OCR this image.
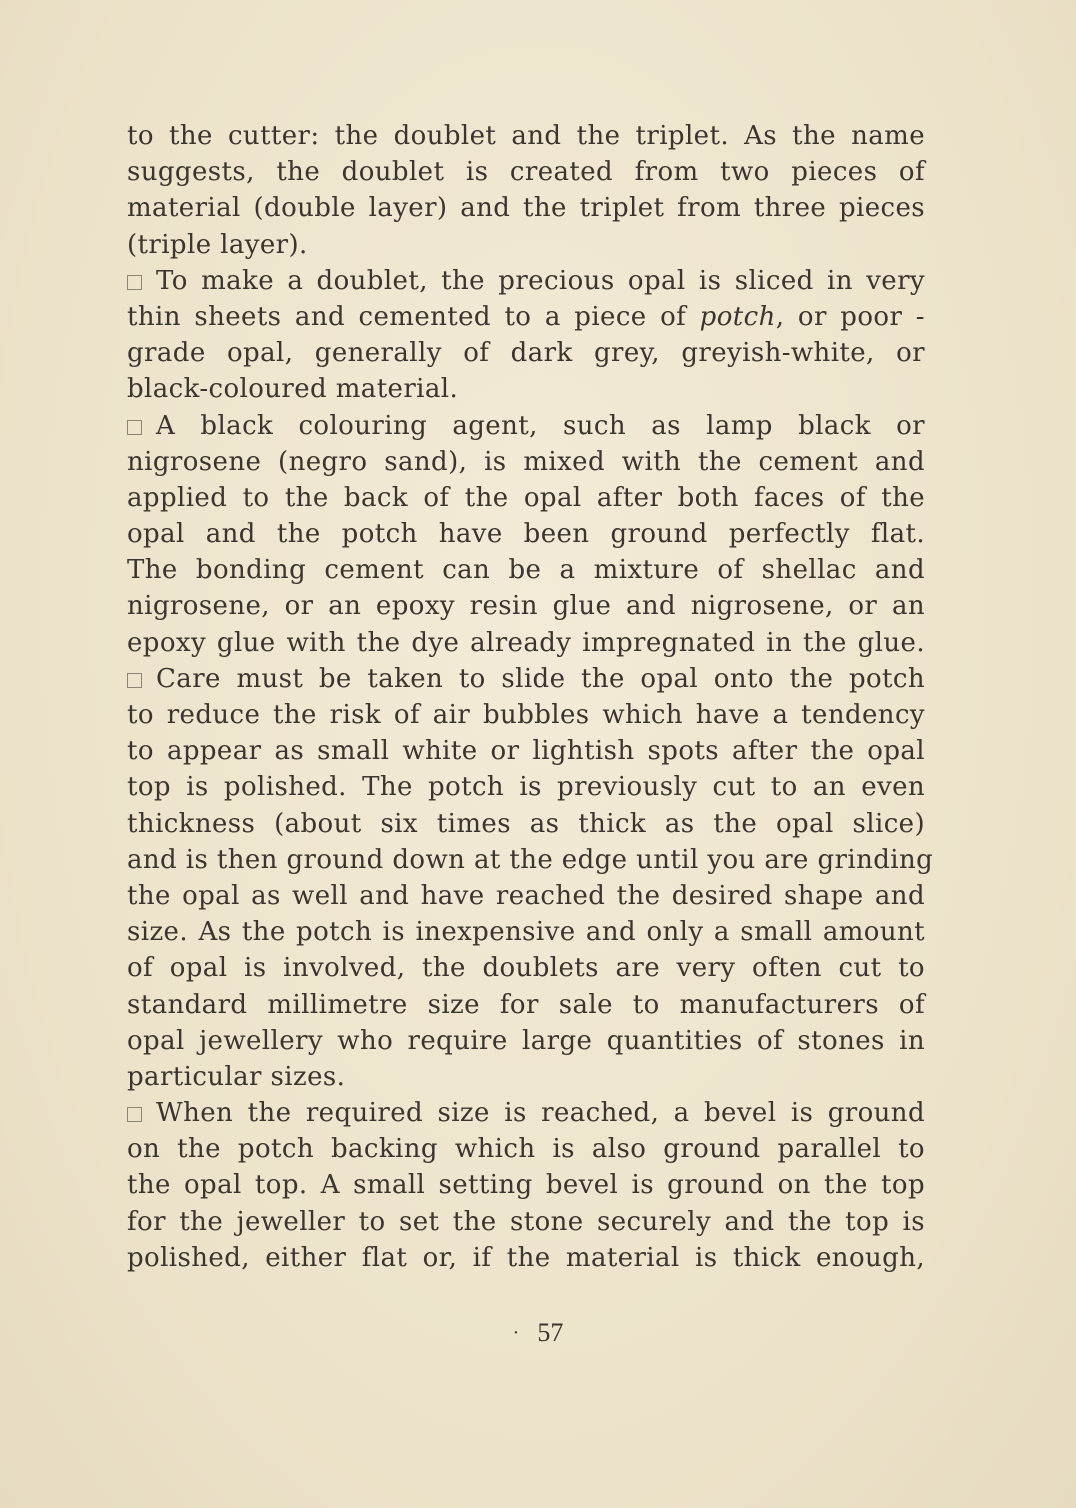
to the cutter: the doublet and the triplet. As the name
suggests, the doublet is created from two pieces of
material (double layer) and the triplet from three pieces
(triple layer).
To make a doublet, the precious opal is sliced in very
thin sheets and cemented to a piece of potch, or poor -
grade opal, generally of dark grey, greyish-white, or
black-coloured material.
A black colouring agent, such as lamp black or
nigrosene (negro sand), is mixed with the cement and
applied to the back of the opal after both faces of the
opal and the potch have been ground perfectly flat.
The bonding cement can be a mixture of shellac and
nigrosene, or an epoxy resin glue and nigrosene, or an
epoxy glue with the dye already impregnated in the glue.
Care must be taken to slide the opal onto the potch
to reduce the risk of air bubbles which have a tendency
to appear as small white or lightish spots after the opal
top is polished. The potch is previously cut to an even
thickness (about six times as thick as the opal slice)
and is then ground down at the edge until you are grinding
the opal as well and have reached the desired shape and
size. As the potch is inexpensive and only a small amount
of opal is involved, the doublets are very often cut to
standard millimetre size for sale to manufacturers of
opal jewellery who require large quantities of stones in
particular sizes.
When the required size is reached, a bevel is ground
on the potch backing which is also ground parallel to
the opal top. A small setting bevel is ground on the top
for the jeweller to set the stone securely and the top is
polished, either flat or, if the material is thick enough,
· 57
